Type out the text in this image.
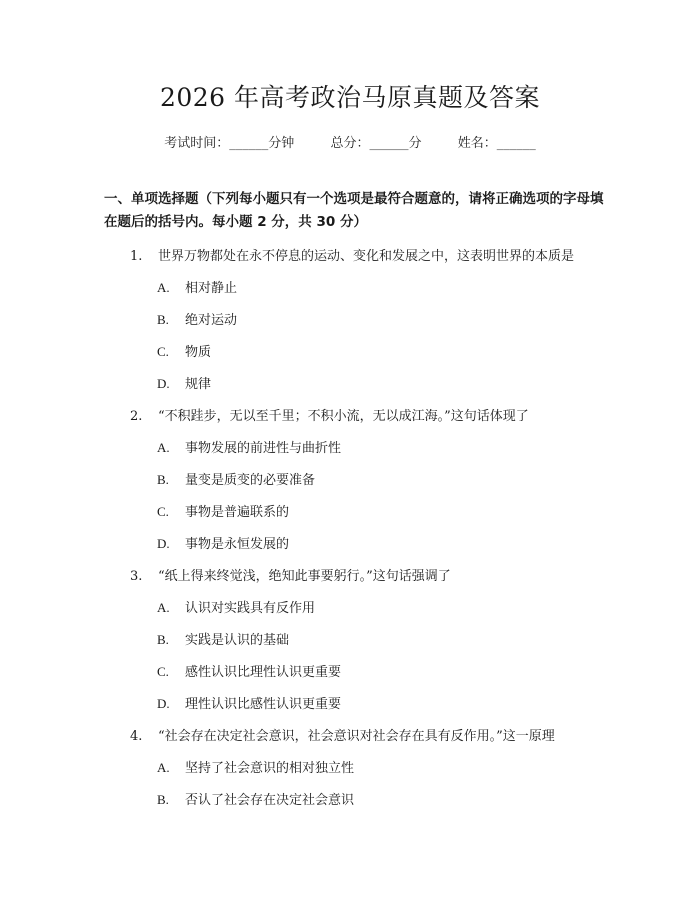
2026 年高考政治马原真题及答案
考试时间：______分钟	总分：______分	姓名：______
一、单项选择题（下列每小题只有一个选项是最符合题意的，请将正确选项的字母填在题后的括号内。每小题 2 分，共 30 分）
1. 世界万物都处在永不停息的运动、变化和发展之中，这表明世界的本质是
A. 相对静止
B. 绝对运动
C. 物质
D. 规律
2. “不积跬步，无以至千里；不积小流，无以成江海。”这句话体现了
A. 事物发展的前进性与曲折性
B. 量变是质变的必要准备
C. 事物是普遍联系的
D. 事物是永恒发展的
3. “纸上得来终觉浅，绝知此事要躬行。”这句话强调了
A. 认识对实践具有反作用
B. 实践是认识的基础
C. 感性认识比理性认识更重要
D. 理性认识比感性认识更重要
4. “社会存在决定社会意识，社会意识对社会存在具有反作用。”这一原理
A. 坚持了社会意识的相对独立性
B. 否认了社会存在决定社会意识
